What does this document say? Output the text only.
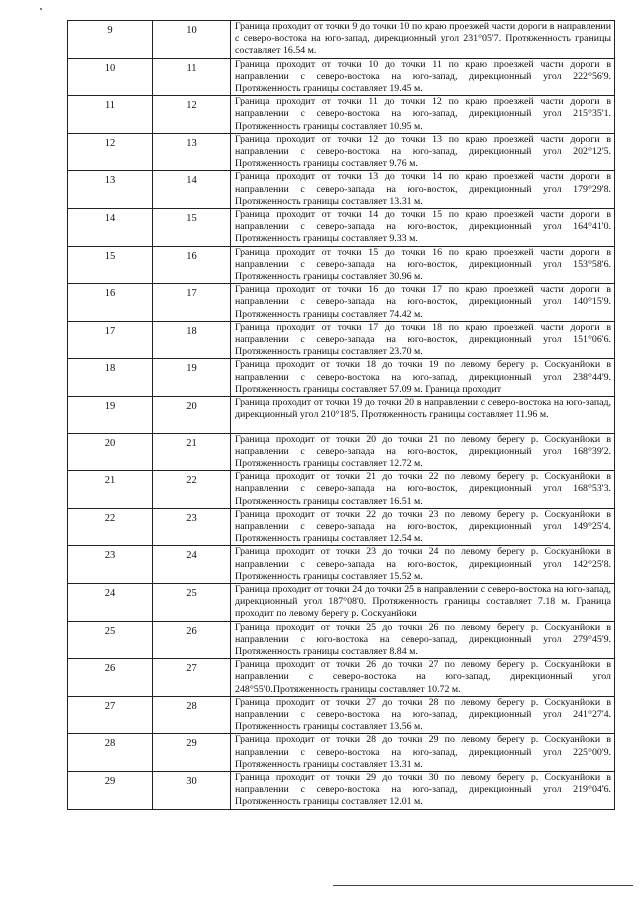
9	10	Граница проходит от точки 9 до точки 10 по краю проезжей части дороги в направлении с северо-востока на юго-запад, дирекционный угол 231°05'7. Протяженность границы составляет 16.54 м.
10	11	Граница проходит от точки 10 до точки 11 по краю проезжей части дороги в направлении с северо-востока на юго-запад, дирекционный угол 222°56'9. Протяженность границы составляет 19.45 м.
11	12	Граница проходит от точки 11 до точки 12 по краю проезжей части дороги в направлении с северо-востока на юго-запад, дирекционный угол 215°35'1. Протяженность границы составляет 10.95 м.
12	13	Граница проходит от точки 12 до точки 13 по краю проезжей части дороги в направлении с северо-востока на юго-запад, дирекционный угол 202°12'5. Протяженность границы составляет 9.76 м.
13	14	Граница проходит от точки 13 до точки 14 по краю проезжей части дороги в направлении с северо-запада на юго-восток, дирекционный угол 179°29'8. Протяженность границы составляет 13.31 м.
14	15	Граница проходит от точки 14 до точки 15 по краю проезжей части дороги в направлении с северо-запада на юго-восток, дирекционный угол 164°41'0. Протяженность границы составляет 9.33 м.
15	16	Граница проходит от точки 15 до точки 16 по краю проезжей части дороги в направлении с северо-запада на юго-восток, дирекционный угол 153°58'6. Протяженность границы составляет 30.96 м.
16	17	Граница проходит от точки 16 до точки 17 по краю проезжей части дороги в направлении с северо-запада на юго-восток, дирекционный угол 140°15'9. Протяженность границы составляет 74.42 м.
17	18	Граница проходит от точки 17 до точки 18 по краю проезжей части дороги в направлении с северо-запада на юго-восток, дирекционный угол 151°06'6. Протяженность границы составляет 23.70 м.
18	19	Граница проходит от точки 18 до точки 19 по левому берегу р. Соскуанйоки в направлении с северо-востока на юго-запад, дирекционный угол 238°44'9. Протяженность границы составляет 57.09 м. Граница проходит
19	20	Граница проходит от точки 19 до точки 20 в направлении с северо-востока на юго-запад, дирекционный угол 210°18'5. Протяженность границы составляет 11.96 м.
20	21	Граница проходит от точки 20 до точки 21 по левому берегу р. Соскуанйоки в направлении с северо-запада на юго-восток, дирекционный угол 168°39'2. Протяженность границы составляет 12.72 м.
21	22	Граница проходит от точки 21 до точки 22 по левому берегу р. Соскуанйоки в направлении с северо-запада на юго-восток, дирекционный угол 168°53'3. Протяженность границы составляет 16.51 м.
22	23	Граница проходит от точки 22 до точки 23 по левому берегу р. Соскуанйоки в направлении с северо-запада на юго-восток, дирекционный угол 149°25'4. Протяженность границы составляет 12.54 м.
23	24	Граница проходит от точки 23 до точки 24 по левому берегу р. Соскуанйоки в направлении с северо-запада на юго-восток, дирекционный угол 142°25'8. Протяженность границы составляет 15.52 м.
24	25	Граница проходит от точки 24 до точки 25 в направлении с северо-востока на юго-запад, дирекционный угол 187°08'0. Протяженность границы составляет 7.18 м. Граница проходит по левому берегу р. Соскуанйоки
25	26	Граница проходит от точки 25 до точки 26 по левому берегу р. Соскуанйоки в направлении с юго-востока на северо-запад, дирекционный угол 279°45'9. Протяженность границы составляет 8.84 м.
26	27	Граница проходит от точки 26 до точки 27 по левому берегу р. Соскуанйоки в направлении с северо-востока на юго-запад, дирекционный угол 248°55'0.Протяженность границы составляет 10.72 м.
27	28	Граница проходит от точки 27 до точки 28 по левому берегу р. Соскуанйоки в направлении с северо-востока на юго-запад, дирекционный угол 241°27'4. Протяженность границы составляет 13.56 м.
28	29	Граница проходит от точки 28 до точки 29 по левому берегу р. Соскуанйоки в направлении с северо-востока на юго-запад, дирекционный угол 225°00'9. Протяженность границы составляет 13.31 м.
29	30	Граница проходит от точки 29 до точки 30 по левому берегу р. Соскуанйоки в направлении с северо-востока на юго-запад, дирекционный угол 219°04'6. Протяженность границы составляет 12.01 м.
